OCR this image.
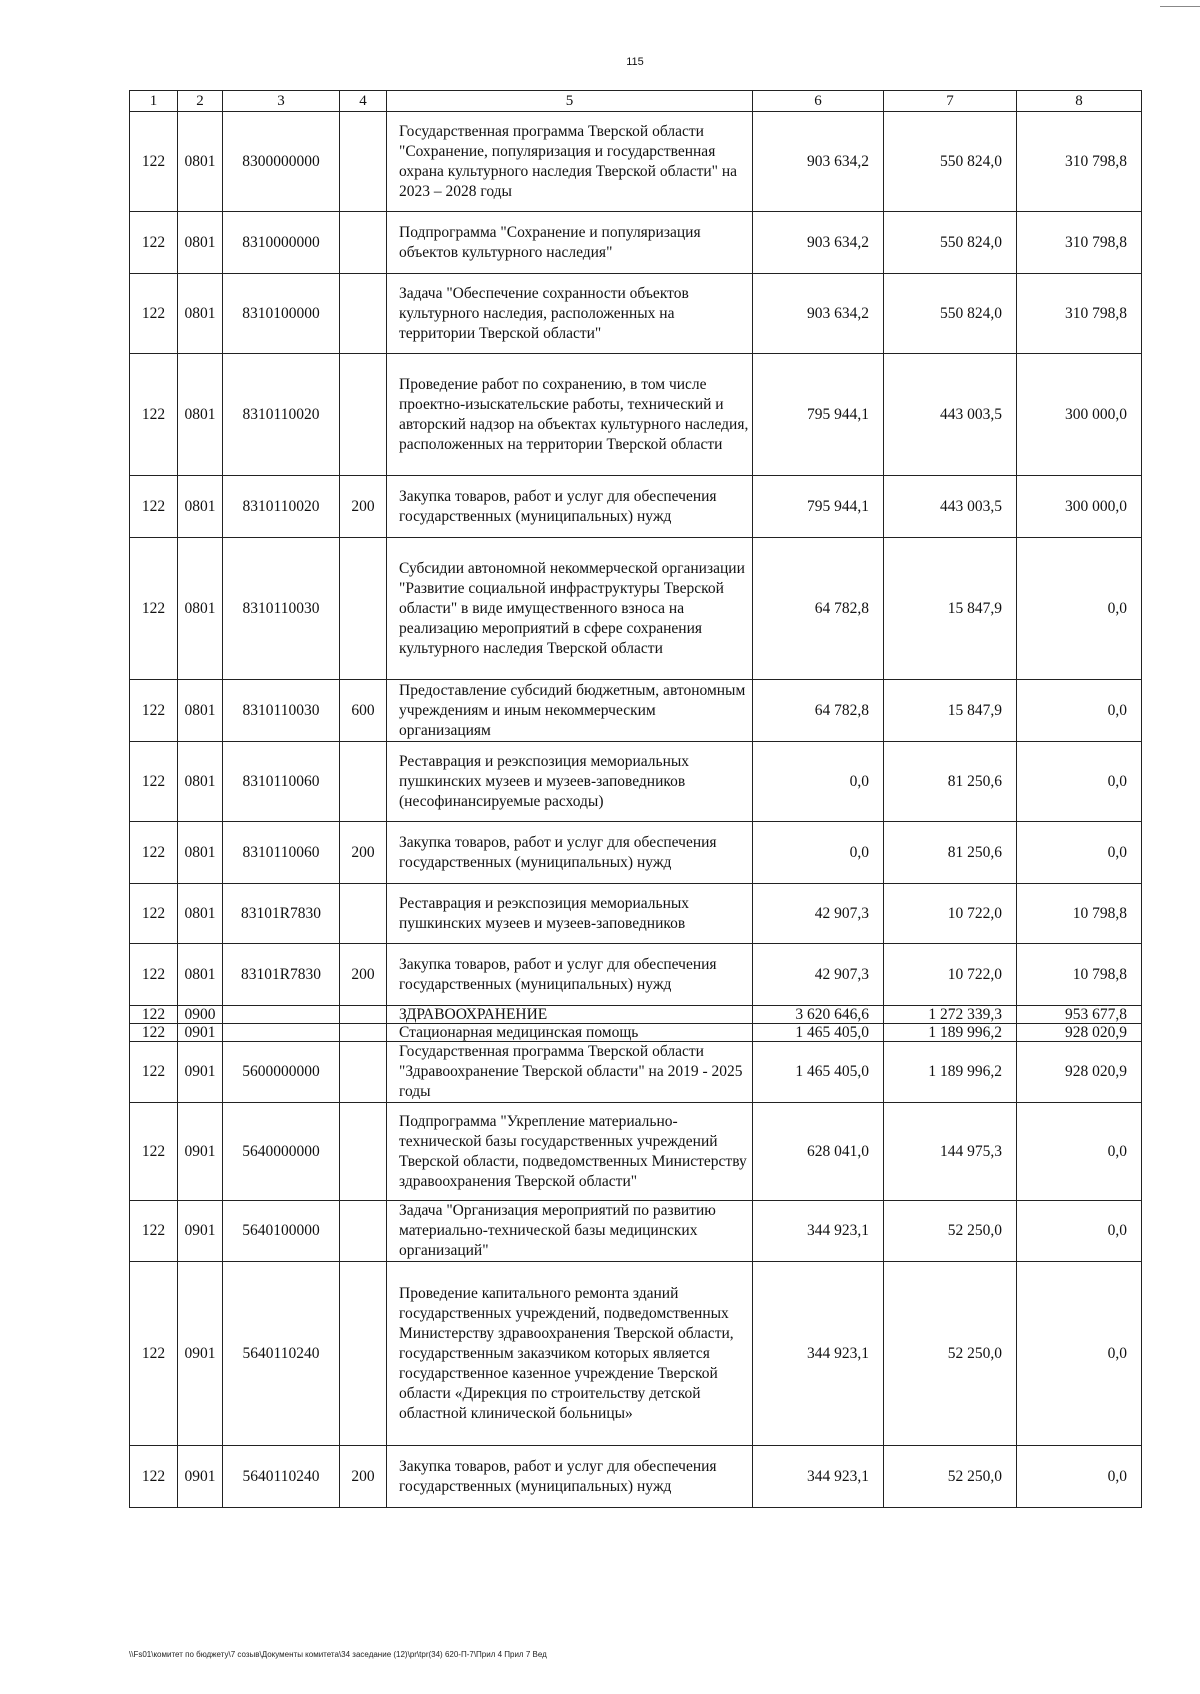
115
1	2	3	4	5	6	7	8
122	0801	8300000000		Государственная программа Тверской области "Сохранение, популяризация и государственная охрана культурного наследия Тверской области" на 2023 – 2028 годы	903 634,2	550 824,0	310 798,8
122	0801	8310000000		Подпрограмма "Сохранение и популяризация объектов культурного наследия"	903 634,2	550 824,0	310 798,8
122	0801	8310100000		Задача "Обеспечение сохранности объектов культурного наследия, расположенных на территории Тверской области"	903 634,2	550 824,0	310 798,8
122	0801	8310110020		Проведение работ по сохранению, в том числе проектно-изыскательские работы, технический и авторский надзор на объектах культурного наследия, расположенных на территории Тверской области	795 944,1	443 003,5	300 000,0
122	0801	8310110020	200	Закупка товаров, работ и услуг для обеспечения государственных (муниципальных) нужд	795 944,1	443 003,5	300 000,0
122	0801	8310110030		Субсидии автономной некоммерческой организации "Развитие социальной инфраструктуры Тверской области" в виде имущественного взноса на реализацию мероприятий в сфере сохранения культурного наследия Тверской области	64 782,8	15 847,9	0,0
122	0801	8310110030	600	Предоставление субсидий бюджетным, автономным учреждениям и иным некоммерческим организациям	64 782,8	15 847,9	0,0
122	0801	8310110060		Реставрация и реэкспозиция мемориальных пушкинских музеев и музеев-заповедников (несофинансируемые расходы)	0,0	81 250,6	0,0
122	0801	8310110060	200	Закупка товаров, работ и услуг для обеспечения государственных (муниципальных) нужд	0,0	81 250,6	0,0
122	0801	83101R7830		Реставрация и реэкспозиция мемориальных пушкинских музеев и музеев-заповедников	42 907,3	10 722,0	10 798,8
122	0801	83101R7830	200	Закупка товаров, работ и услуг для обеспечения государственных (муниципальных) нужд	42 907,3	10 722,0	10 798,8
122	0900			ЗДРАВООХРАНЕНИЕ	3 620 646,6	1 272 339,3	953 677,8
122	0901			Стационарная медицинская помощь	1 465 405,0	1 189 996,2	928 020,9
122	0901	5600000000		Государственная программа Тверской области "Здравоохранение Тверской области" на 2019 - 2025 годы	1 465 405,0	1 189 996,2	928 020,9
122	0901	5640000000		Подпрограмма "Укрепление материально-технической базы государственных учреждений Тверской области, подведомственных Министерству здравоохранения Тверской области"	628 041,0	144 975,3	0,0
122	0901	5640100000		Задача "Организация мероприятий по развитию материально-технической базы медицинских организаций"	344 923,1	52 250,0	0,0
122	0901	5640110240		Проведение капитального ремонта зданий государственных учреждений, подведомственных Министерству здравоохранения Тверской области, государственным заказчиком которых является государственное казенное учреждение Тверской области «Дирекция по строительству детской областной клинической больницы»	344 923,1	52 250,0	0,0
122	0901	5640110240	200	Закупка товаров, работ и услуг для обеспечения государственных (муниципальных) нужд	344 923,1	52 250,0	0,0
\\Fs01\комитет по бюджету\7 созыв\Документы комитета\34 заседание (12)\pr\tpr(34) 620-П-7\Прил 4 Прил 7 Вед
